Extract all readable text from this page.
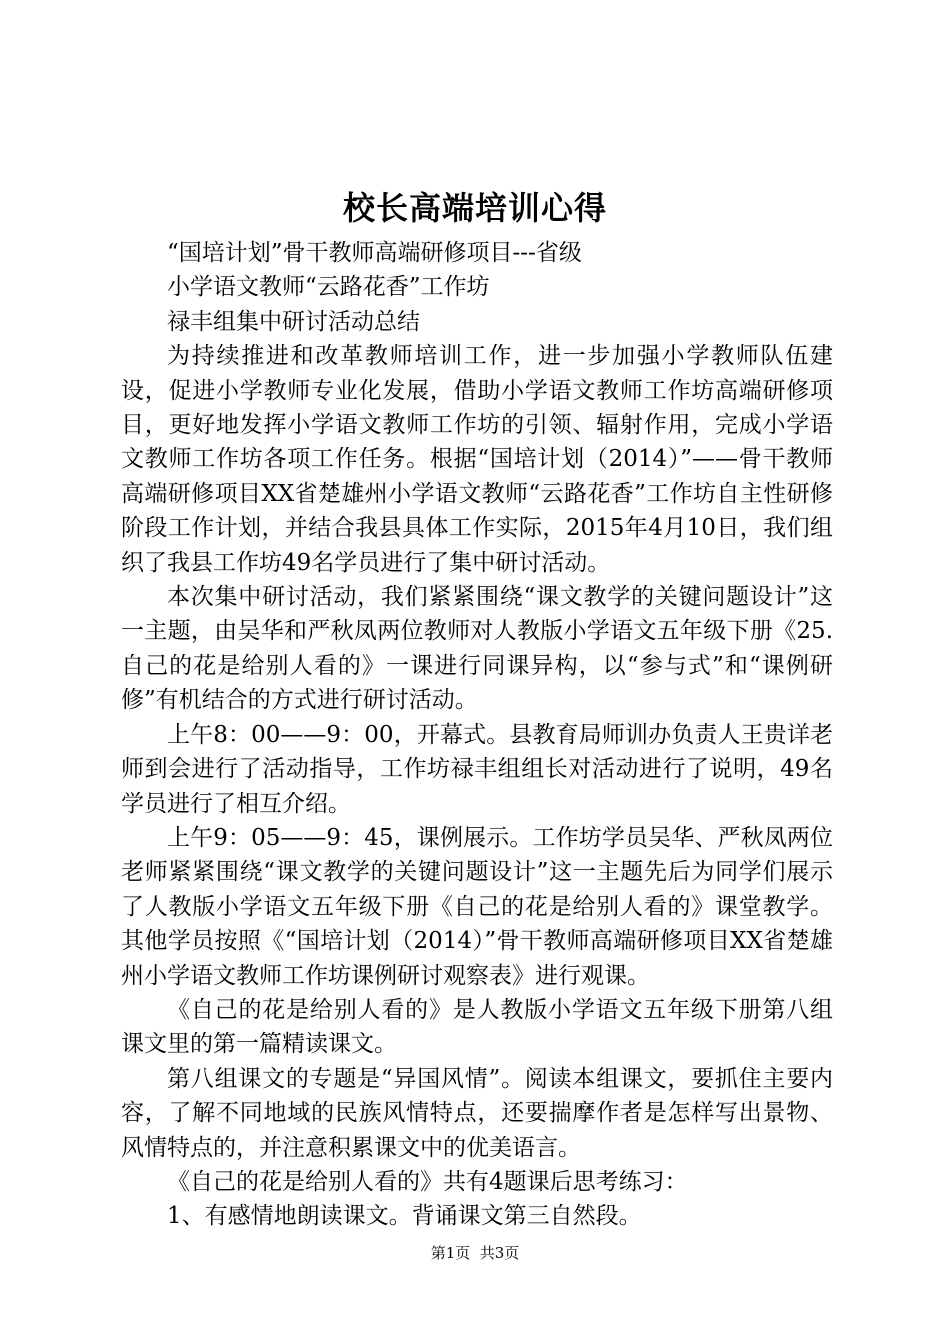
校长高端培训心得

“国培计划”骨干教师高端研修项目---省级

小学语文教师“云路花香”工作坊

禄丰组集中研讨活动总结

为持续推进和改革教师培训工作，进一步加强小学教师队伍建设，促进小学教师专业化发展，借助小学语文教师工作坊高端研修项目，更好地发挥小学语文教师工作坊的引领、辐射作用，完成小学语文教师工作坊各项工作任务。根据“国培计划（2014）”——骨干教师高端研修项目XX省楚雄州小学语文教师“云路花香”工作坊自主性研修阶段工作计划，并结合我县具体工作实际，2015年4月10日，我们组织了我县工作坊49名学员进行了集中研讨活动。

本次集中研讨活动，我们紧紧围绕“课文教学的关键问题设计”这一主题，由吴华和严秋凤两位教师对人教版小学语文五年级下册《25.自己的花是给别人看的》一课进行同课异构，以“参与式”和“课例研修”有机结合的方式进行研讨活动。

上午8：00——9：00，开幕式。县教育局师训办负责人王贵详老师到会进行了活动指导，工作坊禄丰组组长对活动进行了说明，49名学员进行了相互介绍。

上午9：05——9：45，课例展示。工作坊学员吴华、严秋凤两位老师紧紧围绕“课文教学的关键问题设计”这一主题先后为同学们展示了人教版小学语文五年级下册《自己的花是给别人看的》课堂教学。其他学员按照《“国培计划（2014）”骨干教师高端研修项目XX省楚雄州小学语文教师工作坊课例研讨观察表》进行观课。

《自己的花是给别人看的》是人教版小学语文五年级下册第八组课文里的第一篇精读课文。

第八组课文的专题是“异国风情”。阅读本组课文，要抓住主要内容，了解不同地域的民族风情特点，还要揣摩作者是怎样写出景物、风情特点的，并注意积累课文中的优美语言。

《自己的花是给别人看的》共有4题课后思考练习：

1、有感情地朗读课文。背诵课文第三自然段。

第1页  共3页
